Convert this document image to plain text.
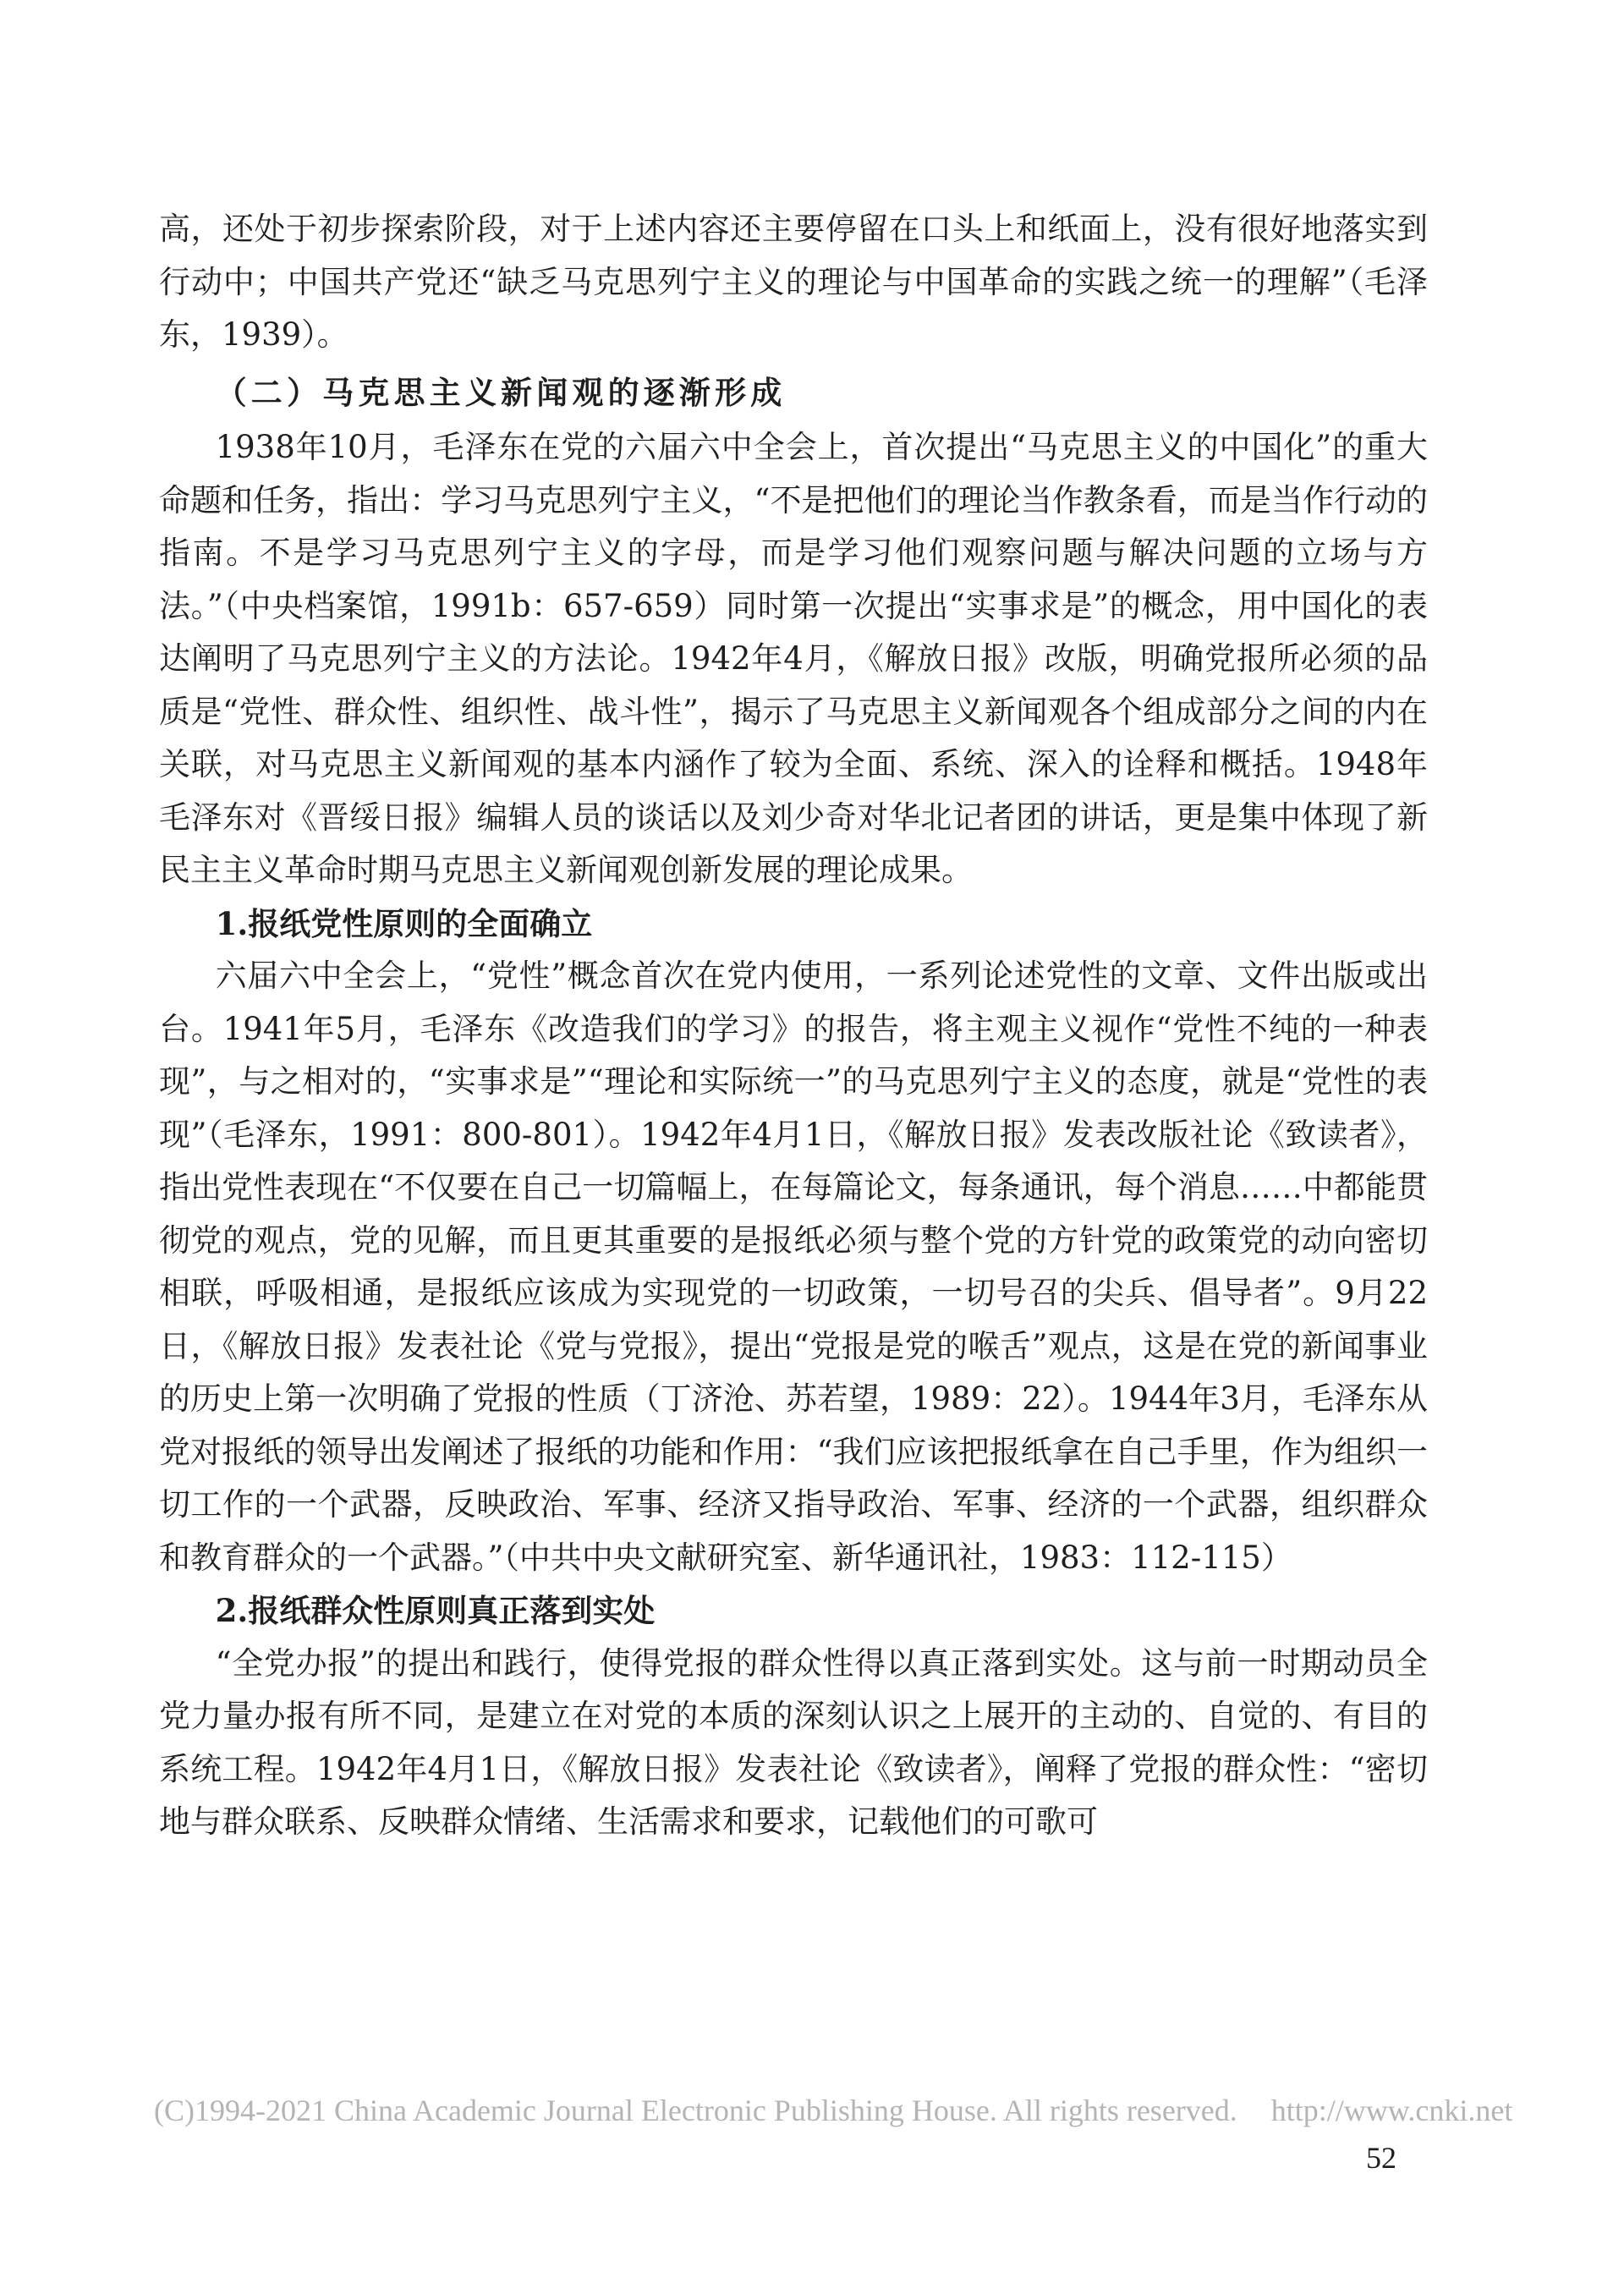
高，还处于初步探索阶段，对于上述内容还主要停留在口头上和纸面上，没有很好地落实到行动中；中国共产党还“缺乏马克思列宁主义的理论与中国革命的实践之统一的理解”（毛泽东，1939）。

（二）马克思主义新闻观的逐渐形成

1938年10月，毛泽东在党的六届六中全会上，首次提出“马克思主义的中国化”的重大命题和任务，指出：学习马克思列宁主义，“不是把他们的理论当作教条看，而是当作行动的指南。不是学习马克思列宁主义的字母，而是学习他们观察问题与解决问题的立场与方法。”（中央档案馆，1991b：657-659）同时第一次提出“实事求是”的概念，用中国化的表达阐明了马克思列宁主义的方法论。1942年4月，《解放日报》改版，明确党报所必须的品质是“党性、群众性、组织性、战斗性”，揭示了马克思主义新闻观各个组成部分之间的内在关联，对马克思主义新闻观的基本内涵作了较为全面、系统、深入的诠释和概括。1948年毛泽东对《晋绥日报》编辑人员的谈话以及刘少奇对华北记者团的讲话，更是集中体现了新民主主义革命时期马克思主义新闻观创新发展的理论成果。

1.报纸党性原则的全面确立

六届六中全会上，“党性”概念首次在党内使用，一系列论述党性的文章、文件出版或出台。1941年5月，毛泽东《改造我们的学习》的报告，将主观主义视作“党性不纯的一种表现”，与之相对的，“实事求是”“理论和实际统一”的马克思列宁主义的态度，就是“党性的表现”（毛泽东，1991：800-801）。1942年4月1日，《解放日报》发表改版社论《致读者》，指出党性表现在“不仅要在自己一切篇幅上，在每篇论文，每条通讯，每个消息……中都能贯彻党的观点，党的见解，而且更其重要的是报纸必须与整个党的方针党的政策党的动向密切相联，呼吸相通，是报纸应该成为实现党的一切政策，一切号召的尖兵、倡导者”。9月22日，《解放日报》发表社论《党与党报》，提出“党报是党的喉舌”观点，这是在党的新闻事业的历史上第一次明确了党报的性质（丁济沧、苏若望，1989：22）。1944年3月，毛泽东从党对报纸的领导出发阐述了报纸的功能和作用：“我们应该把报纸拿在自己手里，作为组织一切工作的一个武器，反映政治、军事、经济又指导政治、军事、经济的一个武器，组织群众和教育群众的一个武器。”（中共中央文献研究室、新华通讯社，1983：112-115）

2.报纸群众性原则真正落到实处

“全党办报”的提出和践行，使得党报的群众性得以真正落到实处。这与前一时期动员全党力量办报有所不同，是建立在对党的本质的深刻认识之上展开的主动的、自觉的、有目的系统工程。1942年4月1日，《解放日报》发表社论《致读者》，阐释了党报的群众性：“密切地与群众联系、反映群众情绪、生活需求和要求，记载他们的可歌可

(C)1994-2021 China Academic Journal Electronic Publishing House. All rights reserved. http://www.cnki.net
52
